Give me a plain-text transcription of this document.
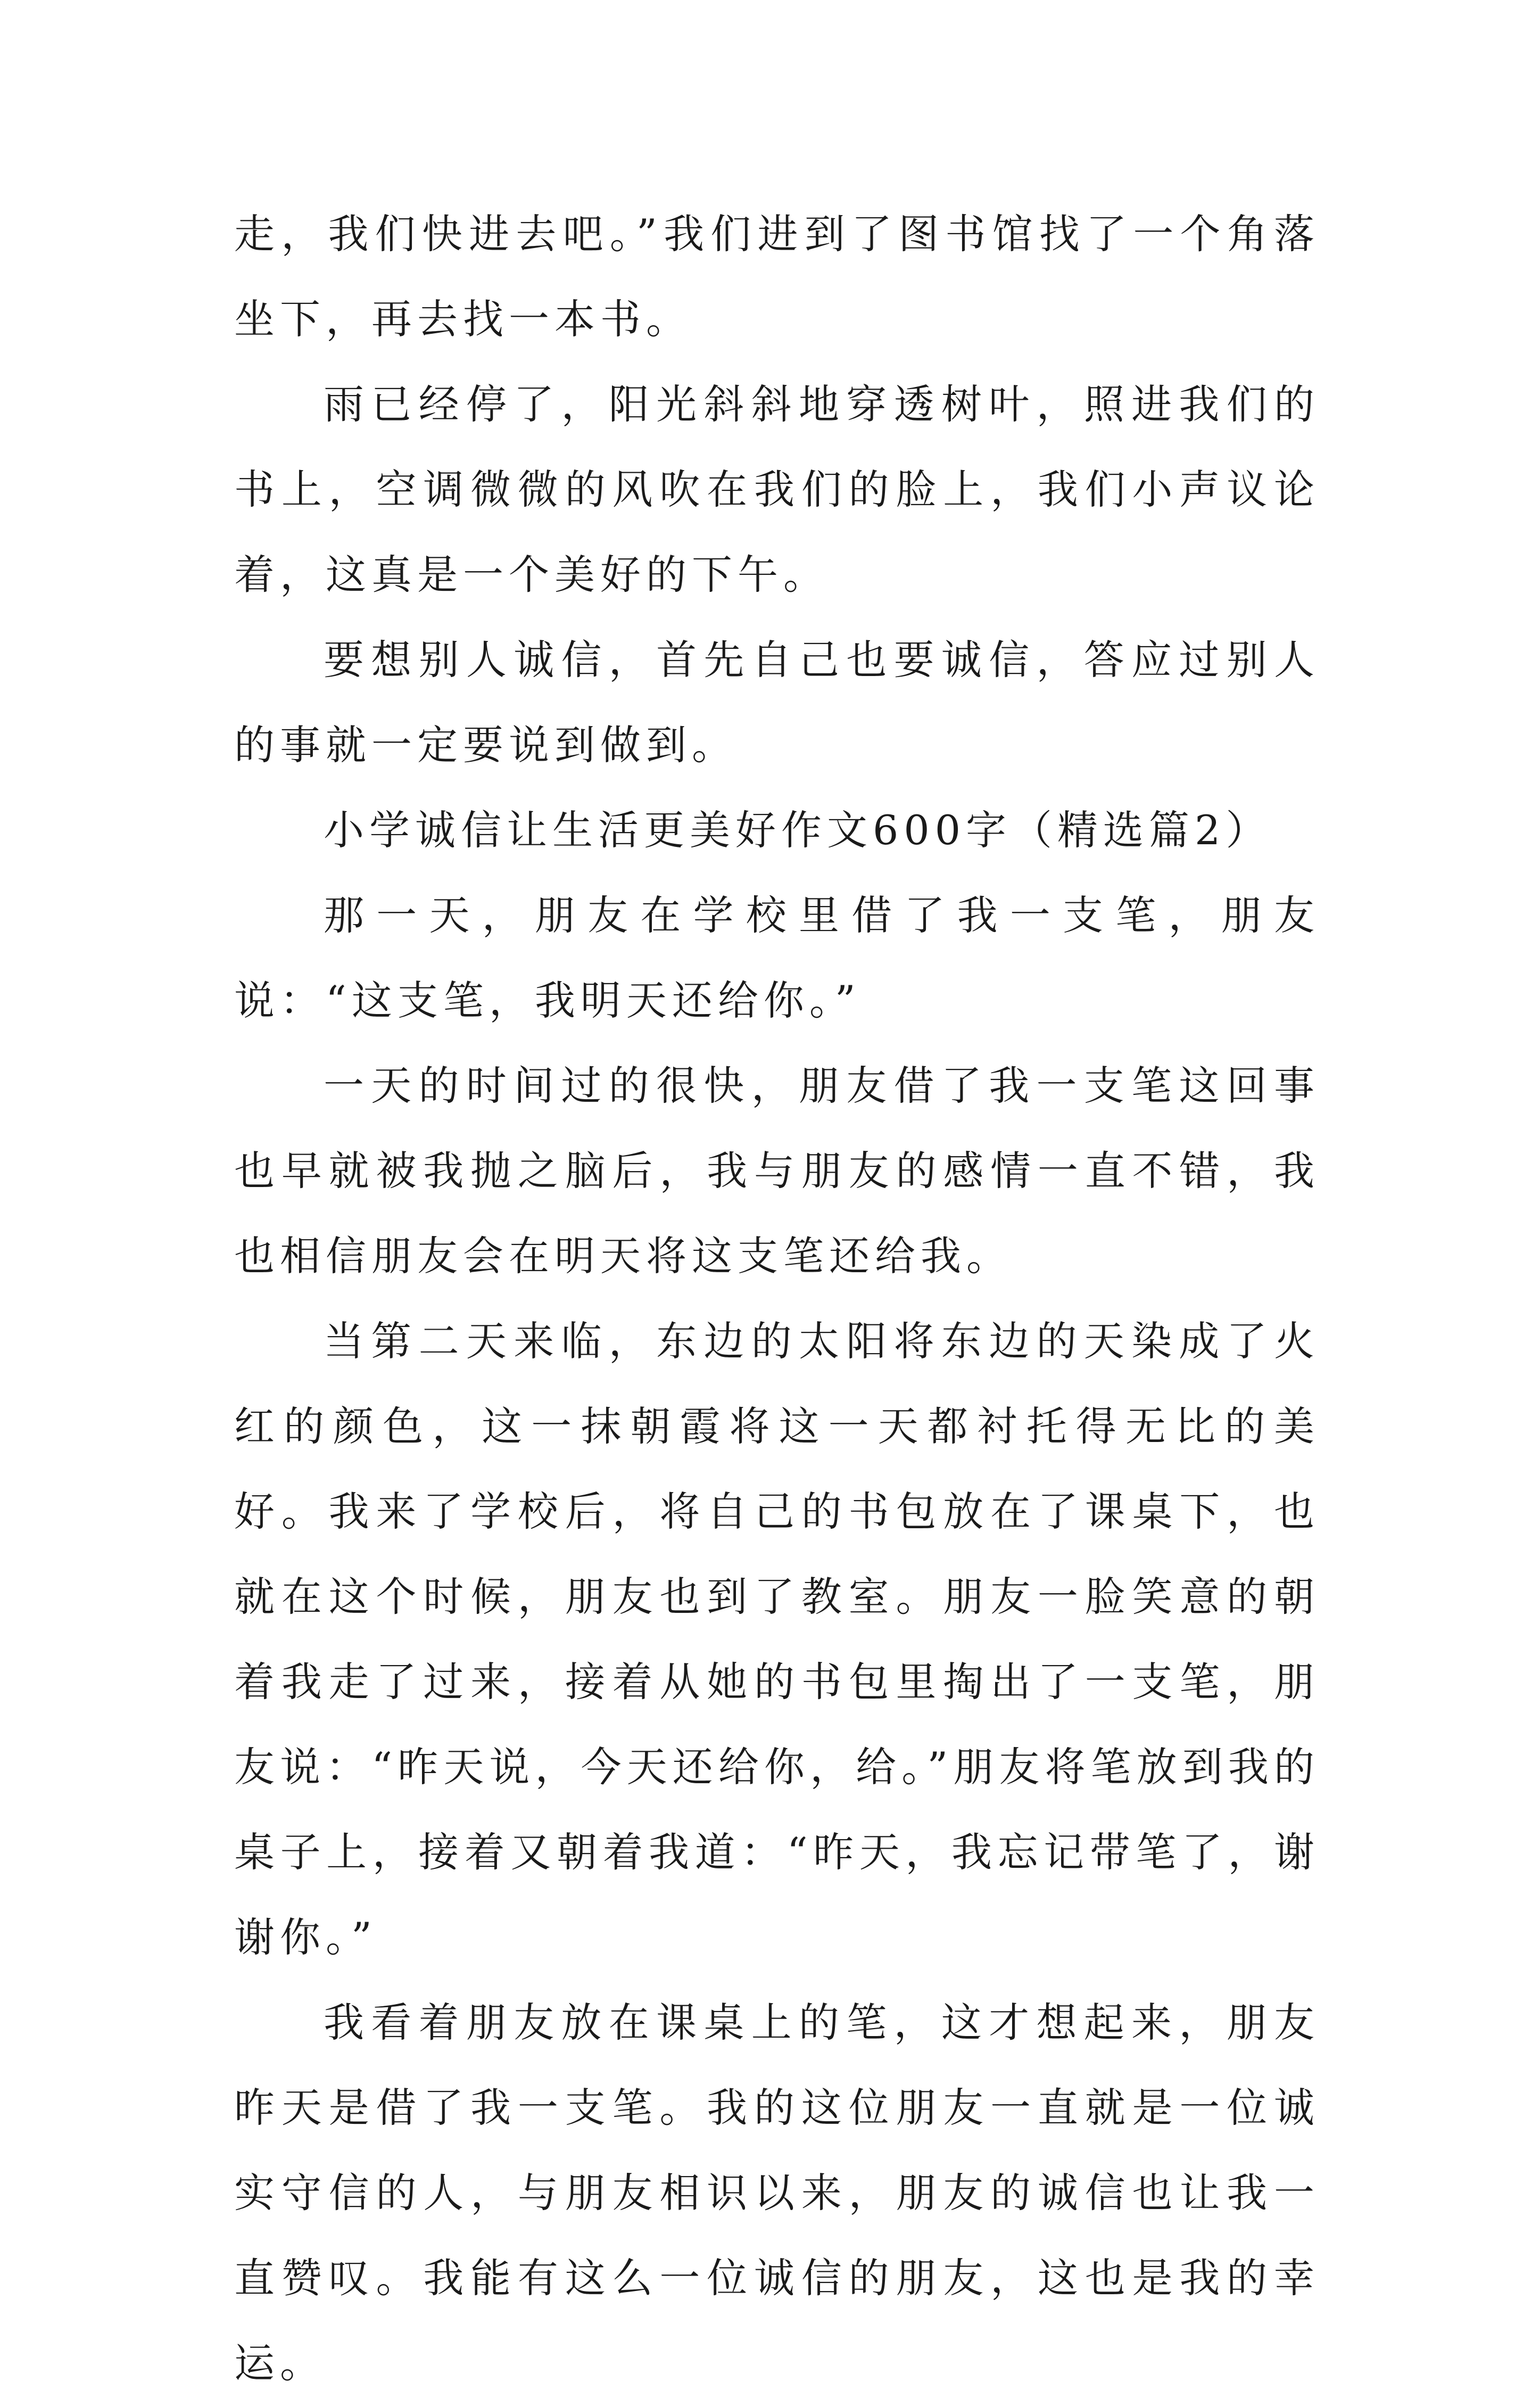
走，我们快进去吧。”我们进到了图书馆找了一个角落坐下，再去找一本书。

雨已经停了，阳光斜斜地穿透树叶，照进我们的书上，空调微微的风吹在我们的脸上，我们小声议论着，这真是一个美好的下午。

要想别人诚信，首先自己也要诚信，答应过别人的事就一定要说到做到。

小学诚信让生活更美好作文600字（精选篇2）

那一天，朋友在学校里借了我一支笔，朋友说：“这支笔，我明天还给你。”

一天的时间过的很快，朋友借了我一支笔这回事也早就被我抛之脑后，我与朋友的感情一直不错，我也相信朋友会在明天将这支笔还给我。

当第二天来临，东边的太阳将东边的天染成了火红的颜色，这一抹朝霞将这一天都衬托得无比的美好。我来了学校后，将自己的书包放在了课桌下，也就在这个时候，朋友也到了教室。朋友一脸笑意的朝着我走了过来，接着从她的书包里掏出了一支笔，朋友说：“昨天说，今天还给你，给。”朋友将笔放到我的桌子上，接着又朝着我道：“昨天，我忘记带笔了，谢谢你。”

我看着朋友放在课桌上的笔，这才想起来，朋友昨天是借了我一支笔。我的这位朋友一直就是一位诚实守信的人，与朋友相识以来，朋友的诚信也让我一直赞叹。我能有这么一位诚信的朋友，这也是我的幸运。
